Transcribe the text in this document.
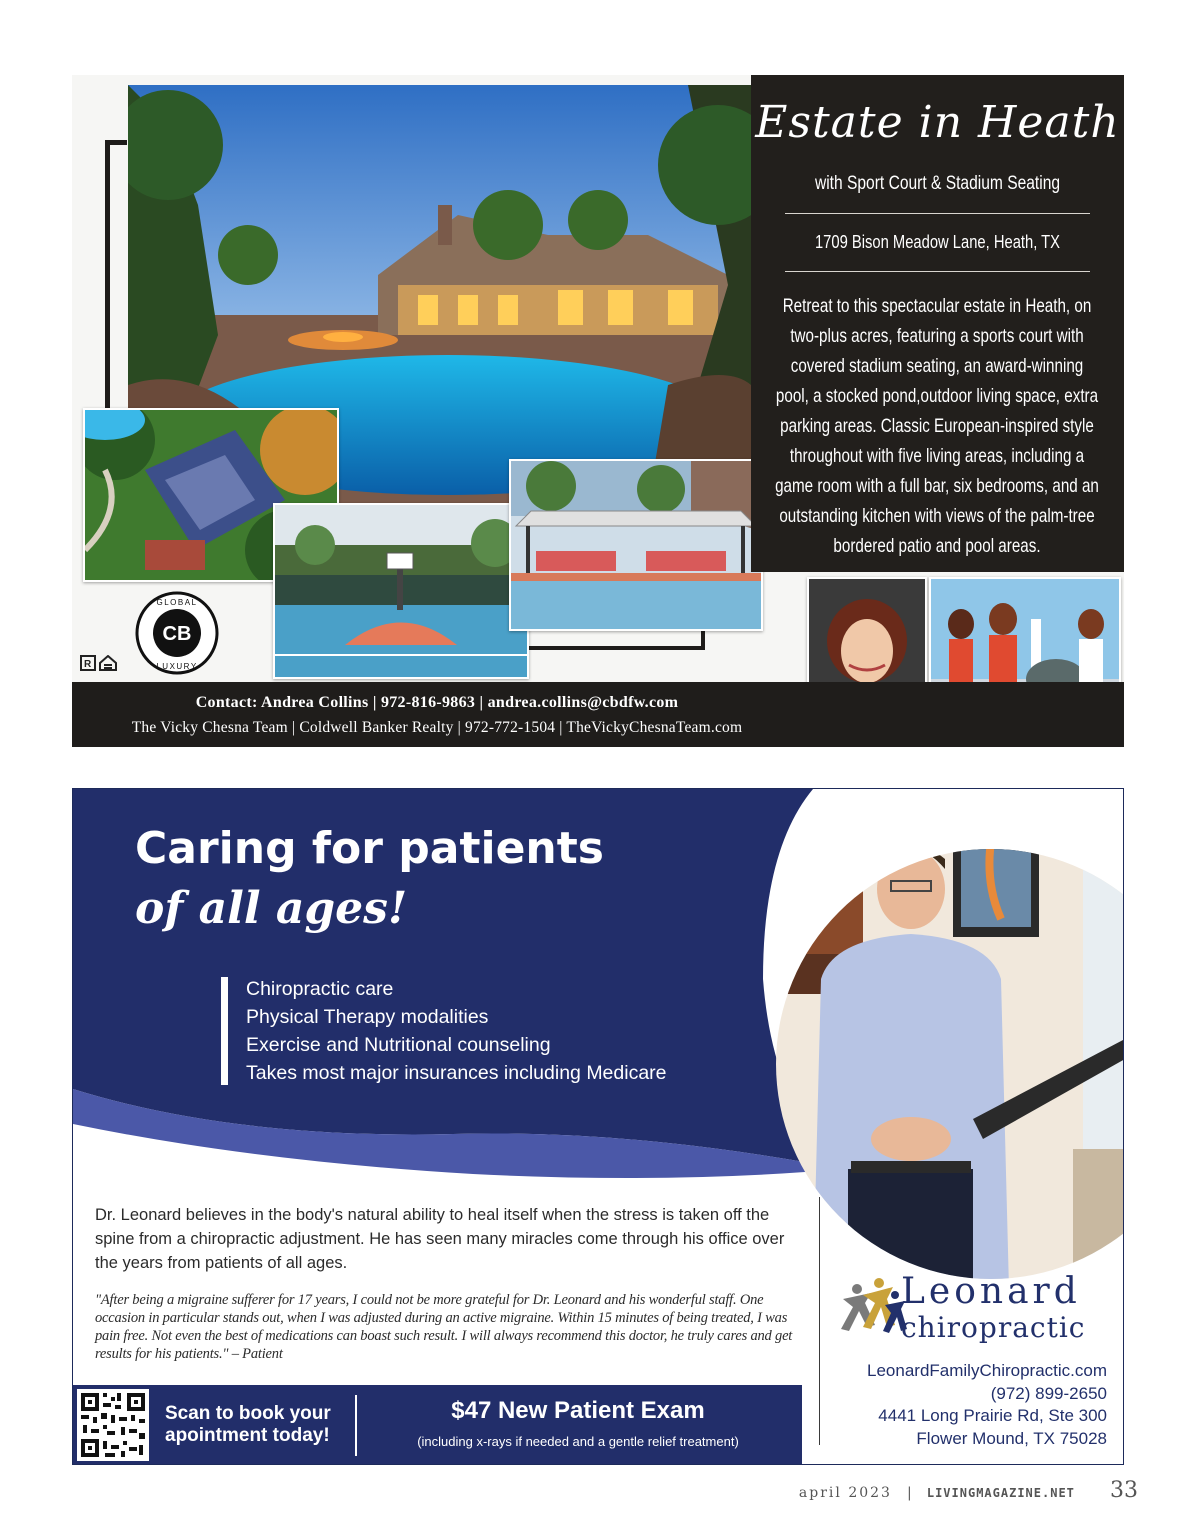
Estate in Heath
with Sport Court & Stadium Seating
1709 Bison Meadow Lane, Heath, TX
Retreat to this spectacular estate in Heath, on two-plus acres, featuring a sports court with covered stadium seating, an award-winning pool, a stocked pond,outdoor living space, extra parking areas. Classic European-inspired style throughout with five living areas, including a game room with a full bar, six bedrooms, and an outstanding kitchen with views of the palm-tree bordered patio and pool areas.
CB
GLOBAL
LUXURY
R
Contact: Andrea Collins | 972-816-9863 | andrea.collins@cbdfw.com
The Vicky Chesna Team | Coldwell Banker Realty | 972-772-1504 | TheVickyChesnaTeam.com
Caring for patients
of all ages!
Chiropractic care
Physical Therapy modalities
Exercise and Nutritional counseling
Takes most major insurances including Medicare
Dr. Leonard believes in the body's natural ability to heal itself when the stress is taken off the spine from a chiropractic adjustment. He has seen many miracles come through his office over the years from patients of all ages.
"After being a migraine sufferer for 17 years, I could not be more grateful for Dr. Leonard and his wonderful staff. One occasion in particular stands out, when I was adjusted during an active migraine. Within 15 minutes of being treated, I was pain free. Not even the best of medications can boast such result. I will always recommend this doctor, he truly cares and get results for his patients." – Patient
Leonard
chiropractic
LeonardFamilyChiropractic.com
(972) 899-2650
4441 Long Prairie Rd, Ste 300
Flower Mound, TX 75028
Scan to book your
apointment today!
$47 New Patient Exam
(including x-rays if needed and a gentle relief treatment)
april 2023 | LIVINGMAGAZINE.NET 33
